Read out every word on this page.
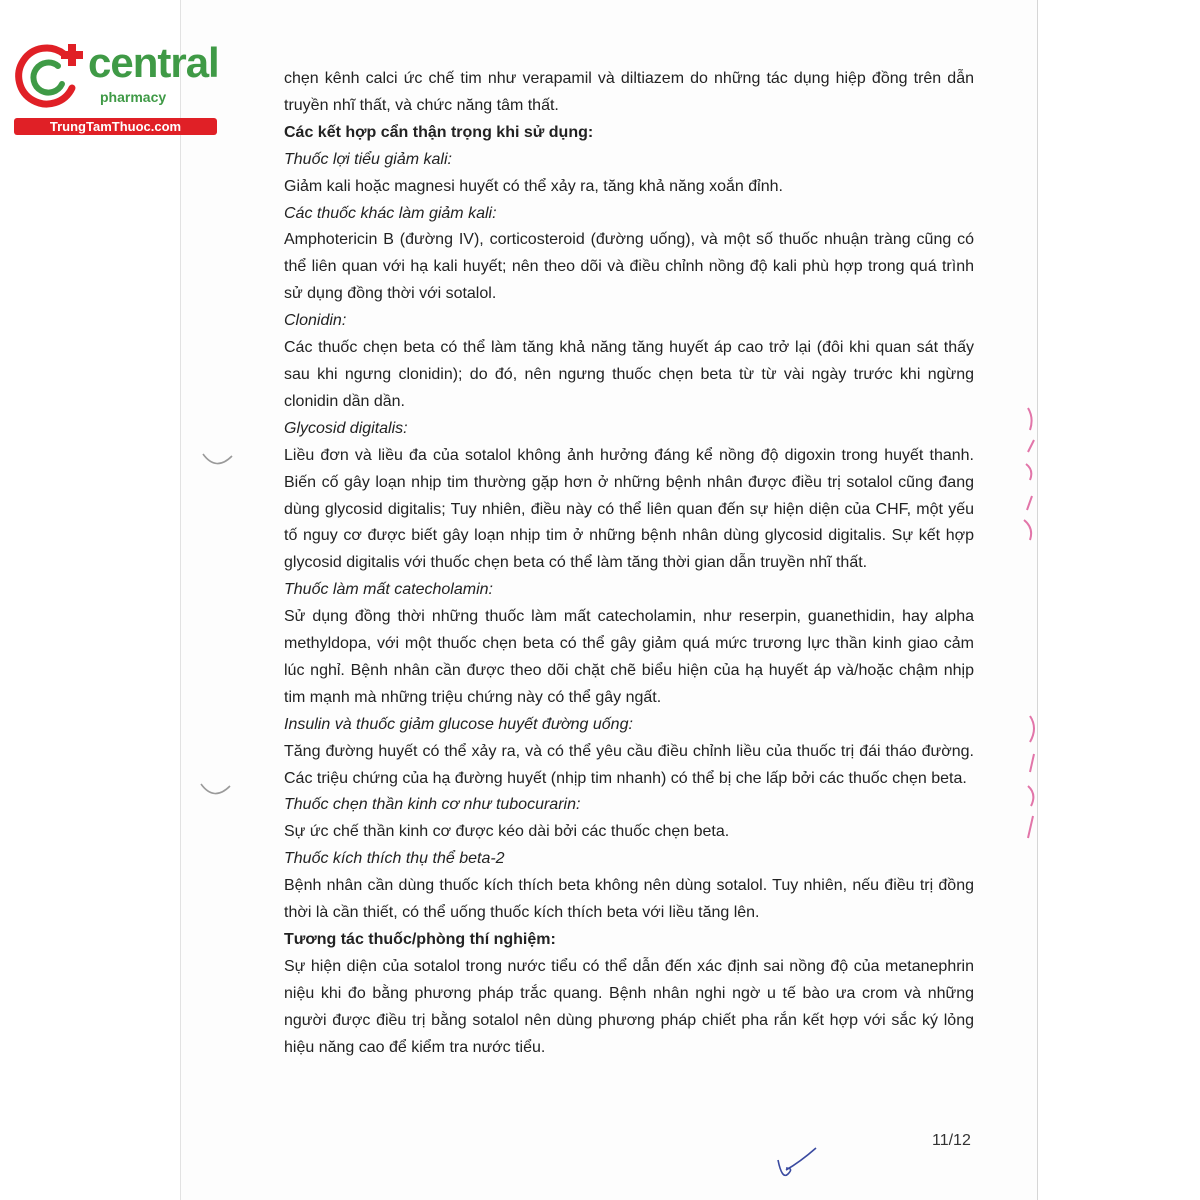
central
pharmacy
TrungTamThuoc.com

chẹn kênh calci ức chế tim như verapamil và diltiazem do những tác dụng hiệp đồng trên dẫn truyền nhĩ thất, và chức năng tâm thất.

Các kết hợp cẩn thận trọng khi sử dụng:

Thuốc lợi tiểu giảm kali:

Giảm kali hoặc magnesi huyết có thể xảy ra, tăng khả năng xoắn đỉnh.

Các thuốc khác làm giảm kali:

Amphotericin B (đường IV), corticosteroid (đường uống), và một số thuốc nhuận tràng cũng có thể liên quan với hạ kali huyết; nên theo dõi và điều chỉnh nồng độ kali phù hợp trong quá trình sử dụng đồng thời với sotalol.

Clonidin:

Các thuốc chẹn beta có thể làm tăng khả năng tăng huyết áp cao trở lại (đôi khi quan sát thấy sau khi ngưng clonidin); do đó, nên ngưng thuốc chẹn beta từ từ vài ngày trước khi ngừng clonidin dần dần.

Glycosid digitalis:

Liều đơn và liều đa của sotalol không ảnh hưởng đáng kể nồng độ digoxin trong huyết thanh. Biến cố gây loạn nhịp tim thường gặp hơn ở những bệnh nhân được điều trị sotalol cũng đang dùng glycosid digitalis; Tuy nhiên, điều này có thể liên quan đến sự hiện diện của CHF, một yếu tố nguy cơ được biết gây loạn nhịp tim ở những bệnh nhân dùng glycosid digitalis. Sự kết hợp glycosid digitalis với thuốc chẹn beta có thể làm tăng thời gian dẫn truyền nhĩ thất.

Thuốc làm mất catecholamin:

Sử dụng đồng thời những thuốc làm mất catecholamin, như reserpin, guanethidin, hay alpha methyldopa, với một thuốc chẹn beta có thể gây giảm quá mức trương lực thần kinh giao cảm lúc nghỉ. Bệnh nhân cần được theo dõi chặt chẽ biểu hiện của hạ huyết áp và/hoặc chậm nhịp tim mạnh mà những triệu chứng này có thể gây ngất.

Insulin và thuốc giảm glucose huyết đường uống:

Tăng đường huyết có thể xảy ra, và có thể yêu cầu điều chỉnh liều của thuốc trị đái tháo đường. Các triệu chứng của hạ đường huyết (nhịp tim nhanh) có thể bị che lấp bởi các thuốc chẹn beta.

Thuốc chẹn thần kinh cơ như tubocurarin:

Sự ức chế thần kinh cơ được kéo dài bởi các thuốc chẹn beta.

Thuốc kích thích thụ thể beta-2

Bệnh nhân cần dùng thuốc kích thích beta không nên dùng sotalol. Tuy nhiên, nếu điều trị đồng thời là cần thiết, có thể uống thuốc kích thích beta với liều tăng lên.

Tương tác thuốc/phòng thí nghiệm:

Sự hiện diện của sotalol trong nước tiểu có thể dẫn đến xác định sai nồng độ của metanephrin niệu khi đo bằng phương pháp trắc quang. Bệnh nhân nghi ngờ u tế bào ưa crom và những người được điều trị bằng sotalol nên dùng phương pháp chiết pha rắn kết hợp với sắc ký lỏng hiệu năng cao để kiểm tra nước tiểu.

11/12
